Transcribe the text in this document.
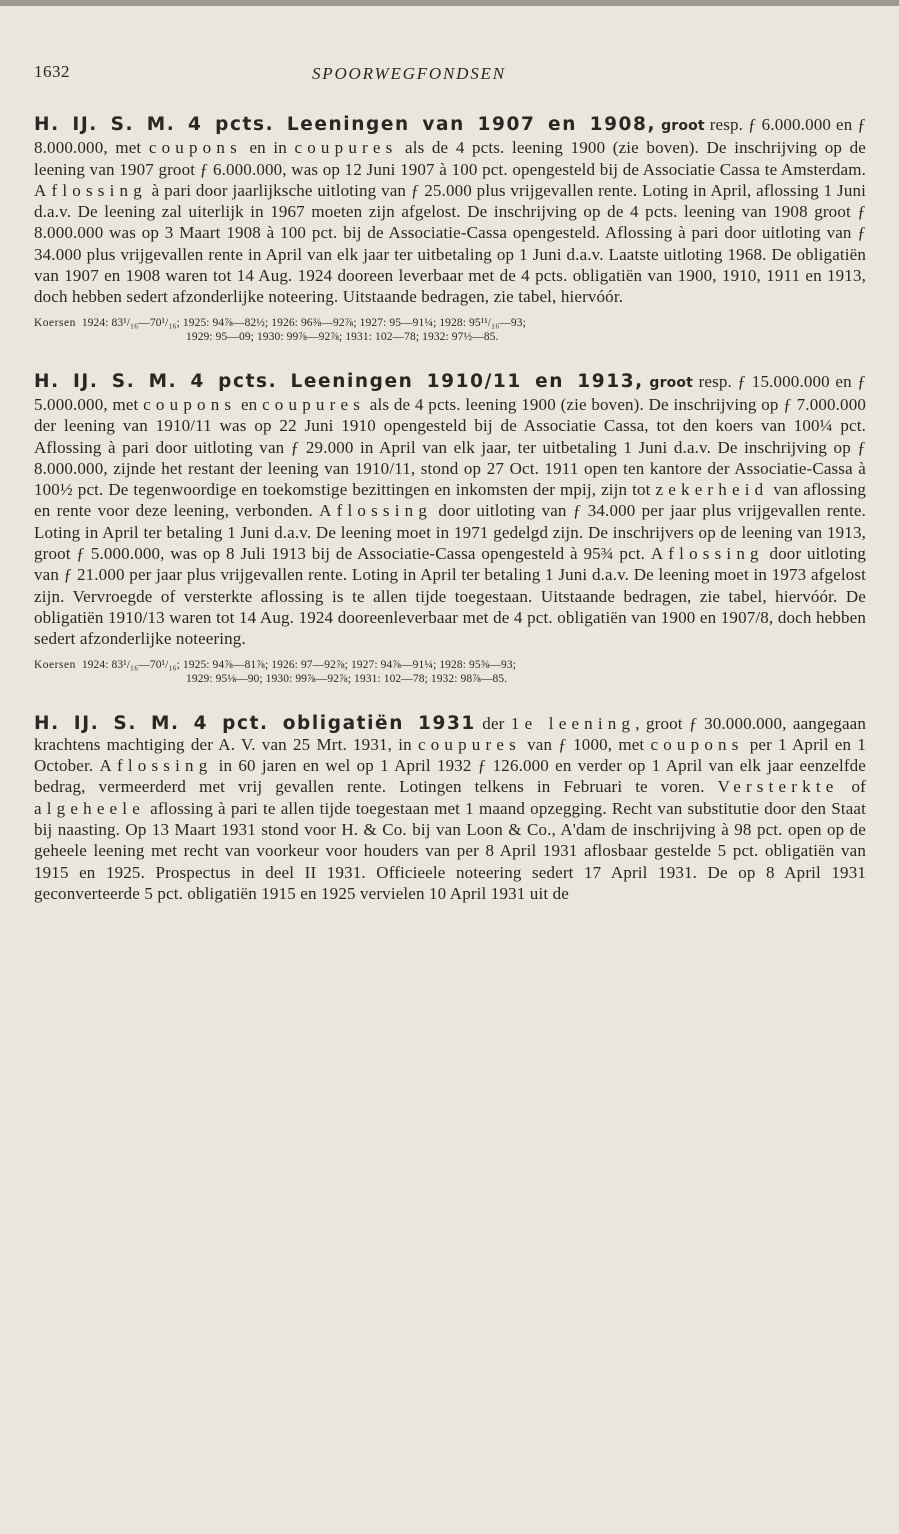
1632	SPOORWEGFONDSEN

H. IJ. S. M. 4 pcts. Leeningen van 1907 en 1908, groot resp. ƒ 6.000.000 en ƒ 8.000.000, met coupons en in coupures als de 4 pcts. leening 1900 (zie boven). De inschrijving op de leening van 1907 groot ƒ 6.000.000, was op 12 Juni 1907 à 100 pct. opengesteld bij de Associatie Cassa te Amsterdam. Aflossing à pari door jaarlijksche uitloting van ƒ 25.000 plus vrijgevallen rente. Loting in April, aflossing 1 Juni d.a.v. De leening zal uiterlijk in 1967 moeten zijn afgelost. De inschrijving op de 4 pcts. leening van 1908 groot ƒ 8.000.000 was op 3 Maart 1908 à 100 pct. bij de Associatie-Cassa opengesteld. Aflossing à pari door uitloting van ƒ 34.000 plus vrijgevallen rente in April van elk jaar ter uitbetaling op 1 Juni d.a.v. Laatste uitloting 1968. De obligatiën van 1907 en 1908 waren tot 14 Aug. 1924 dooreen leverbaar met de 4 pcts. obligatiën van 1900, 1910, 1911 en 1913, doch hebben sedert afzonderlijke noteering. Uitstaande bedragen, zie tabel, hiervóór.

Koersen 1924: 83¹/₁₆—70¹/₁₆; 1925: 94⅞—82½; 1926: 96⅜—92⅞; 1927: 95—91¼; 1928: 95¹¹/₁₆—93;
1929: 95—09; 1930: 99⅞—92⅞; 1931: 102—78; 1932: 97½—85.

H. IJ. S. M. 4 pcts. Leeningen 1910/11 en 1913, groot resp. ƒ 15.000.000 en ƒ 5.000.000, met coupons en coupures als de 4 pcts. leening 1900 (zie boven). De inschrijving op ƒ 7.000.000 der leening van 1910/11 was op 22 Juni 1910 opengesteld bij de Associatie Cassa, tot den koers van 100¼ pct. Aflossing à pari door uitloting van ƒ 29.000 in April van elk jaar, ter uitbetaling 1 Juni d.a.v. De inschrijving op ƒ 8.000.000, zijnde het restant der leening van 1910/11, stond op 27 Oct. 1911 open ten kantore der Associatie-Cassa à 100½ pct. De tegenwoordige en toekomstige bezittingen en inkomsten der mpij, zijn tot zekerheid van aflossing en rente voor deze leening, verbonden. Aflossing door uitloting van ƒ 34.000 per jaar plus vrijgevallen rente. Loting in April ter betaling 1 Juni d.a.v. De leening moet in 1971 gedelgd zijn. De inschrijvers op de leening van 1913, groot ƒ 5.000.000, was op 8 Juli 1913 bij de Associatie-Cassa opengesteld à 95¾ pct. Aflossing door uitloting van ƒ 21.000 per jaar plus vrijgevallen rente. Loting in April ter betaling 1 Juni d.a.v. De leening moet in 1973 afgelost zijn. Vervroegde of versterkte aflossing is te allen tijde toegestaan. Uitstaande bedragen, zie tabel, hiervóór. De obligatiën 1910/13 waren tot 14 Aug. 1924 dooreenleverbaar met de 4 pct. obligatiën van 1900 en 1907/8, doch hebben sedert afzonderlijke noteering.

Koersen 1924: 83¹/₁₆—70¹/₁₆; 1925: 94⅞—81⅞; 1926: 97—92⅞; 1927: 94⅞—91¼; 1928: 95⅝—93;
1929: 95⅛—90; 1930: 99⅞—92⅞; 1931: 102—78; 1932: 98⅞—85.

H. IJ. S. M. 4 pct. obligatiën 1931 der 1e leening, groot ƒ 30.000.000, aangegaan krachtens machtiging der A. V. van 25 Mrt. 1931, in coupures van ƒ 1000, met coupons per 1 April en 1 October. Aflossing in 60 jaren en wel op 1 April 1932 ƒ 126.000 en verder op 1 April van elk jaar eenzelfde bedrag, vermeerderd met vrij gevallen rente. Lotingen telkens in Februari te voren. Versterkte of algeheele aflossing à pari te allen tijde toegestaan met 1 maand opzegging. Recht van substitutie door den Staat bij naasting. Op 13 Maart 1931 stond voor H. & Co. bij van Loon & Co., A'dam de inschrijving à 98 pct. open op de geheele leening met recht van voorkeur voor houders van per 8 April 1931 aflosbaar gestelde 5 pct. obligatiën van 1915 en 1925. Prospectus in deel II 1931. Officieele noteering sedert 17 April 1931. De op 8 April 1931 geconverteerde 5 pct. obligatiën 1915 en 1925 vervielen 10 April 1931 uit de
